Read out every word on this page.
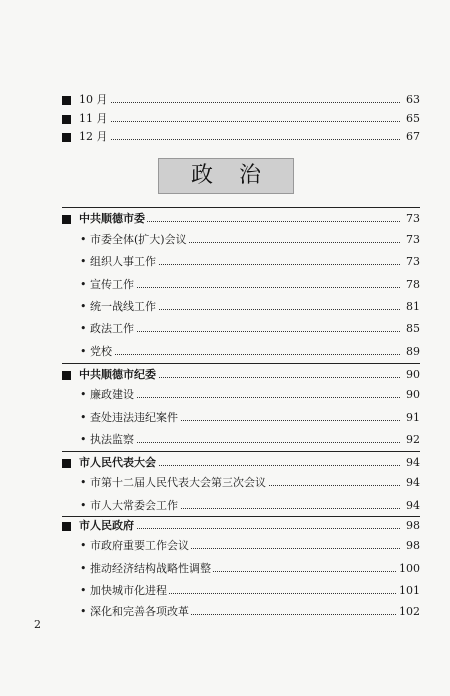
10 月	63
11 月	65
12 月	67
政治
中共顺德市委	73
• 市委全体(扩大)会议	73
• 组织人事工作	73
• 宣传工作	78
• 统一战线工作	81
• 政法工作	85
• 党校	89
中共顺德市纪委	90
• 廉政建设	90
• 查处违法违纪案件	91
• 执法监察	92
市人民代表大会	94
• 市第十二届人民代表大会第三次会议	94
• 市人大常委会工作	94
市人民政府	98
• 市政府重要工作会议	98
• 推动经济结构战略性调整	100
• 加快城市化进程	101
• 深化和完善各项改革	102
2
